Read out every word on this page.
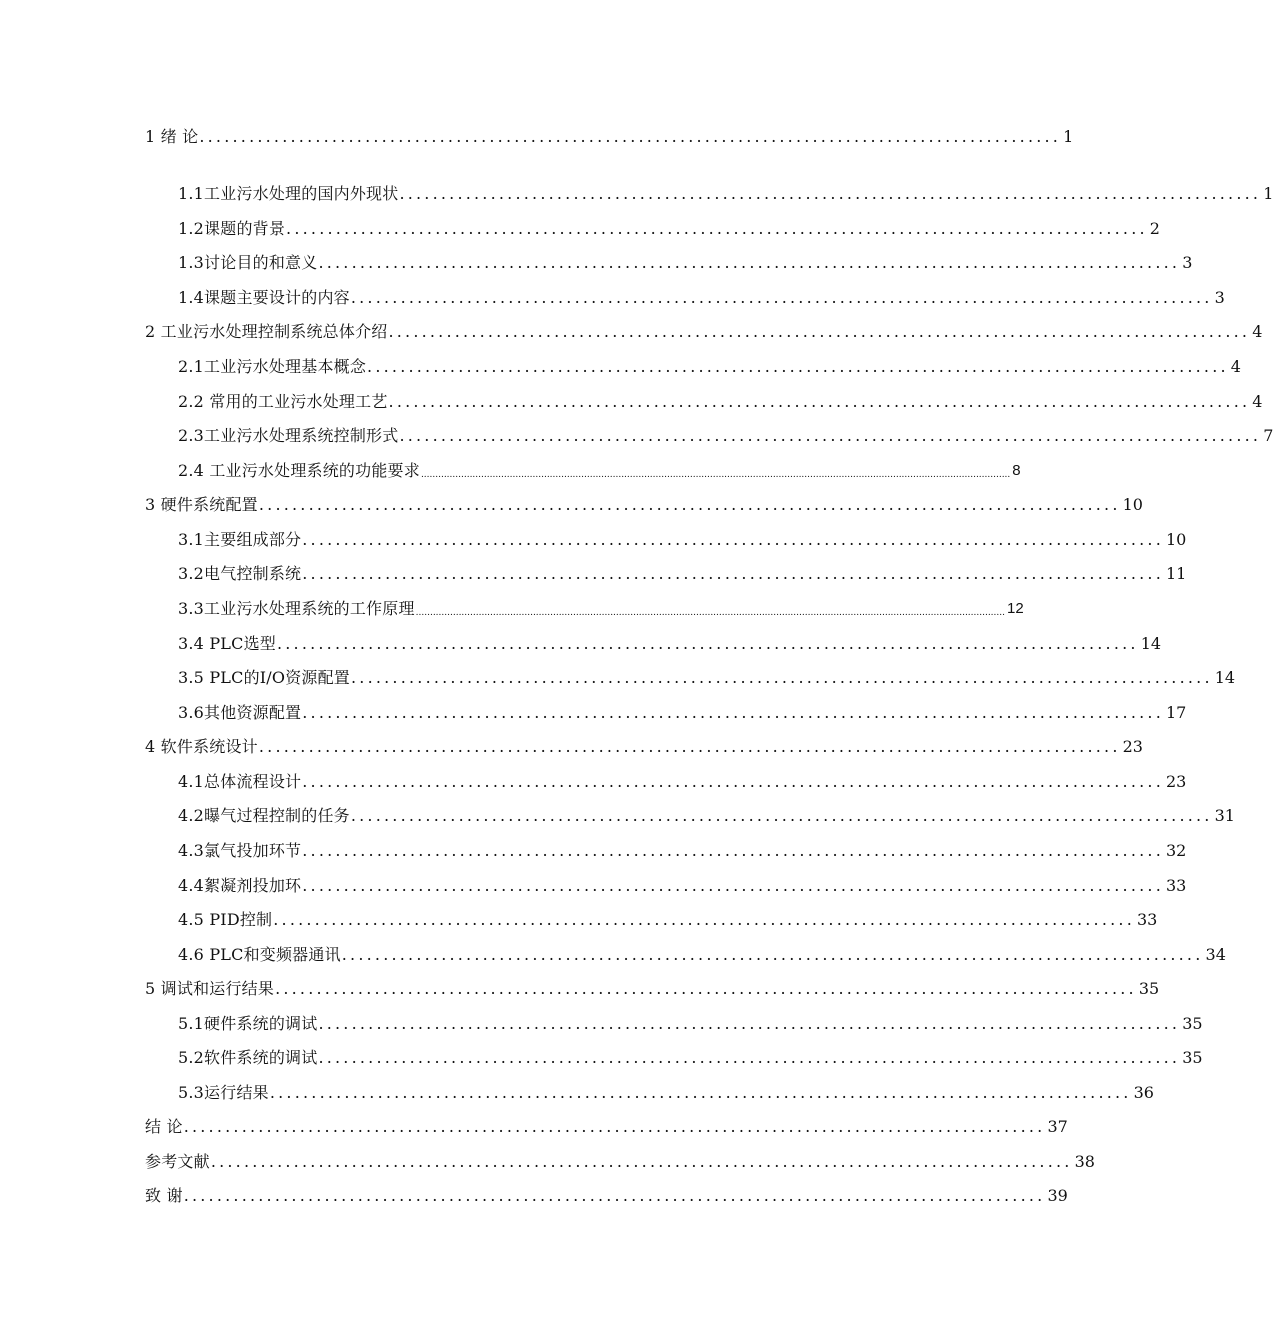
1 绪 论 ........................................................................................................ 1
1.1工业污水处理的国内外现状 ........................................................................................................ 1
1.2课题的背景 ........................................................................................................ 2
1.3讨论目的和意义 ........................................................................................................ 3
1.4课题主要设计的内容 ........................................................................................................ 3
2 工业污水处理控制系统总体介绍 ........................................................................................................ 4
2.1工业污水处理基本概念 ........................................................................................................ 4
2.2 常用的工业污水处理工艺 ........................................................................................................ 4
2.3工业污水处理系统控制形式 ........................................................................................................ 7
2.4 工业污水处理系统的功能要求 .............................................................................................................................................................................................................. 8
3 硬件系统配置 ........................................................................................................ 10
3.1主要组成部分 ........................................................................................................ 10
3.2电气控制系统 ........................................................................................................ 11
3.3工业污水处理系统的工作原理 .............................................................................................................................................................................................................. 12
3.4 PLC选型 ........................................................................................................ 14
3.5 PLC的I/O资源配置 ........................................................................................................ 14
3.6其他资源配置 ........................................................................................................ 17
4 软件系统设计 ........................................................................................................ 23
4.1总体流程设计 ........................................................................................................ 23
4.2曝气过程控制的任务 ........................................................................................................ 31
4.3氯气投加环节 ........................................................................................................ 32
4.4絮凝剂投加环 ........................................................................................................ 33
4.5 PID控制 ........................................................................................................ 33
4.6 PLC和变频器通讯 ........................................................................................................ 34
5 调试和运行结果 ........................................................................................................ 35
5.1硬件系统的调试 ........................................................................................................ 35
5.2软件系统的调试 ........................................................................................................ 35
5.3运行结果 ........................................................................................................ 36
结 论 ........................................................................................................ 37
参考文献 ........................................................................................................ 38
致 谢 ........................................................................................................ 39
